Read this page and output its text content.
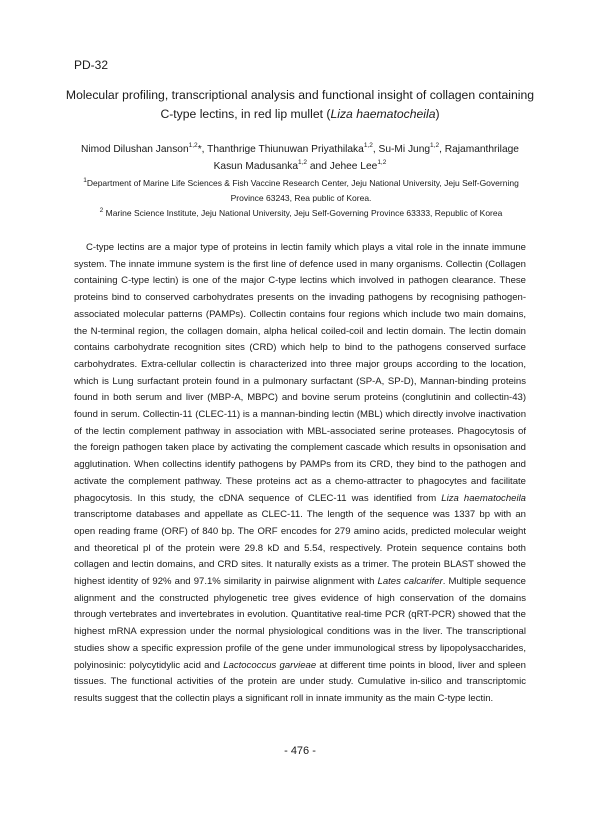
PD-32
Molecular profiling, transcriptional analysis and functional insight of collagen containing C-type lectins, in red lip mullet (Liza haematocheila)
Nimod Dilushan Janson$^{1,2}$*, Thanthrige Thiunuwan Priyathilaka$^{1,2}$, Su-Mi Jung$^{1,2}$, Rajamanthrilage Kasun Madusanka$^{1,2}$ and Jehee Lee$^{1,2}$
$^1$Department of Marine Life Sciences & Fish Vaccine Research Center, Jeju National University, Jeju Self-Governing Province 63243, Rea public of Korea.
$^2$ Marine Science Institute, Jeju National University, Jeju Self-Governing Province 63333, Republic of Korea

C-type lectins are a major type of proteins in lectin family which plays a vital role in the innate immune system. The innate immune system is the first line of defence used in many organisms. Collectin (Collagen containing C-type lectin) is one of the major C-type lectins which involved in pathogen clearance. These proteins bind to conserved carbohydrates presents on the invading pathogens by recognising pathogen-associated molecular patterns (PAMPs). Collectin contains four regions which include two main domains, the N-terminal region, the collagen domain, alpha helical coiled-coil and lectin domain. The lectin domain contains carbohydrate recognition sites (CRD) which help to bind to the pathogens conserved surface carbohydrates. Extra-cellular collectin is characterized into three major groups according to the location, which is Lung surfactant protein found in a pulmonary surfactant (SP-A, SP-D), Mannan-binding proteins found in both serum and liver (MBP-A, MBPC) and bovine serum proteins (conglutinin and collectin-43) found in serum. Collectin-11 (CLEC-11) is a mannan-binding lectin (MBL) which directly involve inactivation of the lectin complement pathway in association with MBL-associated serine proteases. Phagocytosis of the foreign pathogen taken place by activating the complement cascade which results in opsonisation and agglutination. When collectins identify pathogens by PAMPs from its CRD, they bind to the pathogen and activate the complement pathway. These proteins act as a chemo-attracter to phagocytes and facilitate phagocytosis. In this study, the cDNA sequence of CLEC-11 was identified from Liza haematocheila transcriptome databases and appellate as CLEC-11. The length of the sequence was 1337 bp with an open reading frame (ORF) of 840 bp. The ORF encodes for 279 amino acids, predicted molecular weight and theoretical pI of the protein were 29.8 kD and 5.54, respectively. Protein sequence contains both collagen and lectin domains, and CRD sites. It naturally exists as a trimer. The protein BLAST showed the highest identity of 92% and 97.1% similarity in pairwise alignment with Lates calcarifer. Multiple sequence alignment and the constructed phylogenetic tree gives evidence of high conservation of the domains through vertebrates and invertebrates in evolution. Quantitative real-time PCR (qRT-PCR) showed that the highest mRNA expression under the normal physiological conditions was in the liver. The transcriptional studies show a specific expression profile of the gene under immunological stress by lipopolysaccharides, polyinosinic: polycytidylic acid and Lactococcus garvieae at different time points in blood, liver and spleen tissues. The functional activities of the protein are under study. Cumulative in-silico and transcriptomic results suggest that the collectin plays a significant roll in innate immunity as the main C-type lectin.

- 476 -
